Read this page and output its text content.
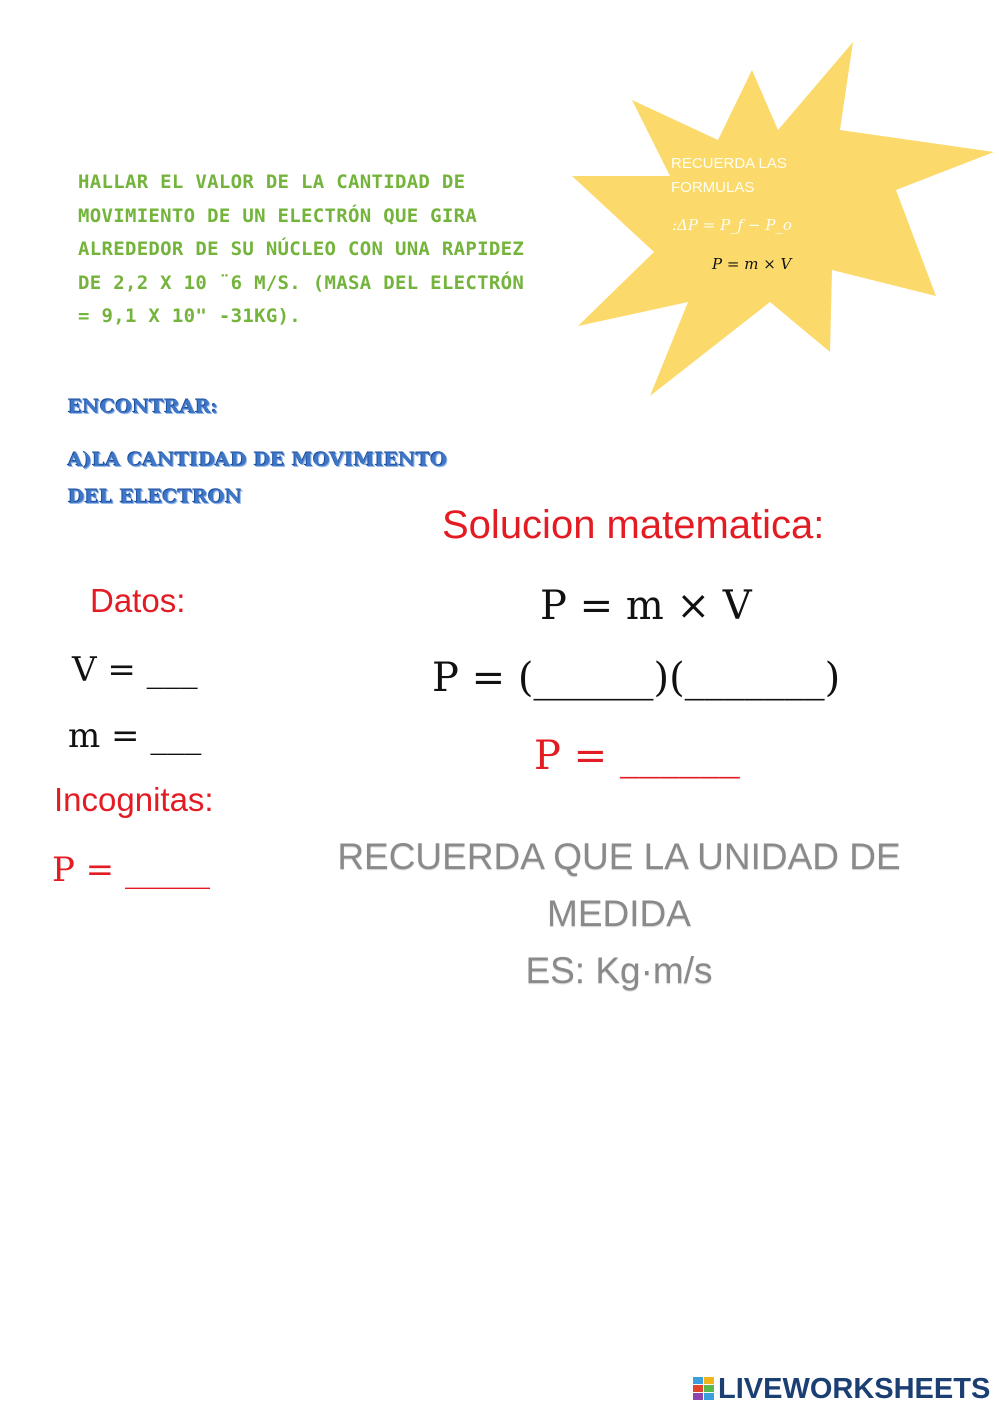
HALLAR EL VALOR DE LA CANTIDAD DE MOVIMIENTO DE UN ELECTRÓN QUE GIRA ALREDEDOR DE SU NÚCLEO CON UNA RAPIDEZ DE 2,2 X 10 ¨6 M/S. (MASA DEL ELECTRÓN = 9,1 X 10" -31KG).
RECUERDA LAS FORMULAS
:ΔP = P_f − P_o
P = m × V
ENCONTRAR:
A)LA CANTIDAD DE MOVIMIENTO DEL ELECTRON
Solucion matematica:
P = m × V
P = (______)(_______)
P = ______
Datos:
V = ___
m = ___
Incognitas:
P = _____	RECUERDA QUE LA UNIDAD DE MEDIDA
ES: Kg·m/s
LIVEWORKSHEETS
